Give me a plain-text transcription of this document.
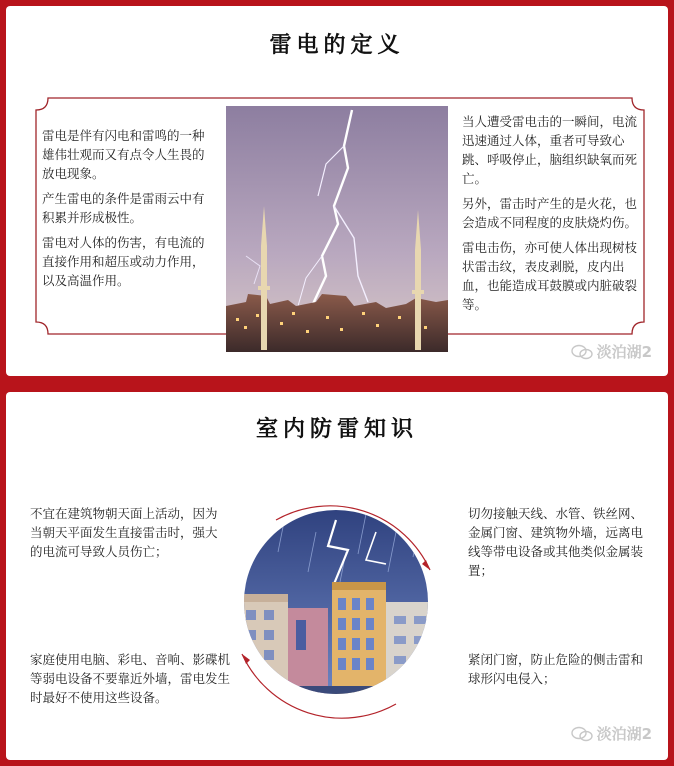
雷电的定义

雷电是伴有闪电和雷鸣的一种雄伟壮观而又有点令人生畏的放电现象。

产生雷电的条件是雷雨云中有积累并形成极性。

雷电对人体的伤害，有电流的直接作用和超压或动力作用，以及高温作用。

当人遭受雷电击的一瞬间，电流迅速通过人体，重者可导致心跳、呼吸停止，脑组织缺氧而死亡。

另外，雷击时产生的是火花，也会造成不同程度的皮肤烧灼伤。

雷电击伤，亦可使人体出现树枝状雷击纹，表皮剥脱，皮内出血，也能造成耳鼓膜或内脏破裂等。

淡泊湖2
室内防雷知识
不宜在建筑物朝天面上活动，因为当朝天平面发生直接雷击时，强大的电流可导致人员伤亡；
家庭使用电脑、彩电、音响、影碟机等弱电设备不要靠近外墙，雷电发生时最好不使用这些设备。
切勿接触天线、水管、铁丝网、金属门窗、建筑物外墙，远离电线等带电设备或其他类似金属装置；
紧闭门窗，防止危险的侧击雷和球形闪电侵入；
淡泊湖2
